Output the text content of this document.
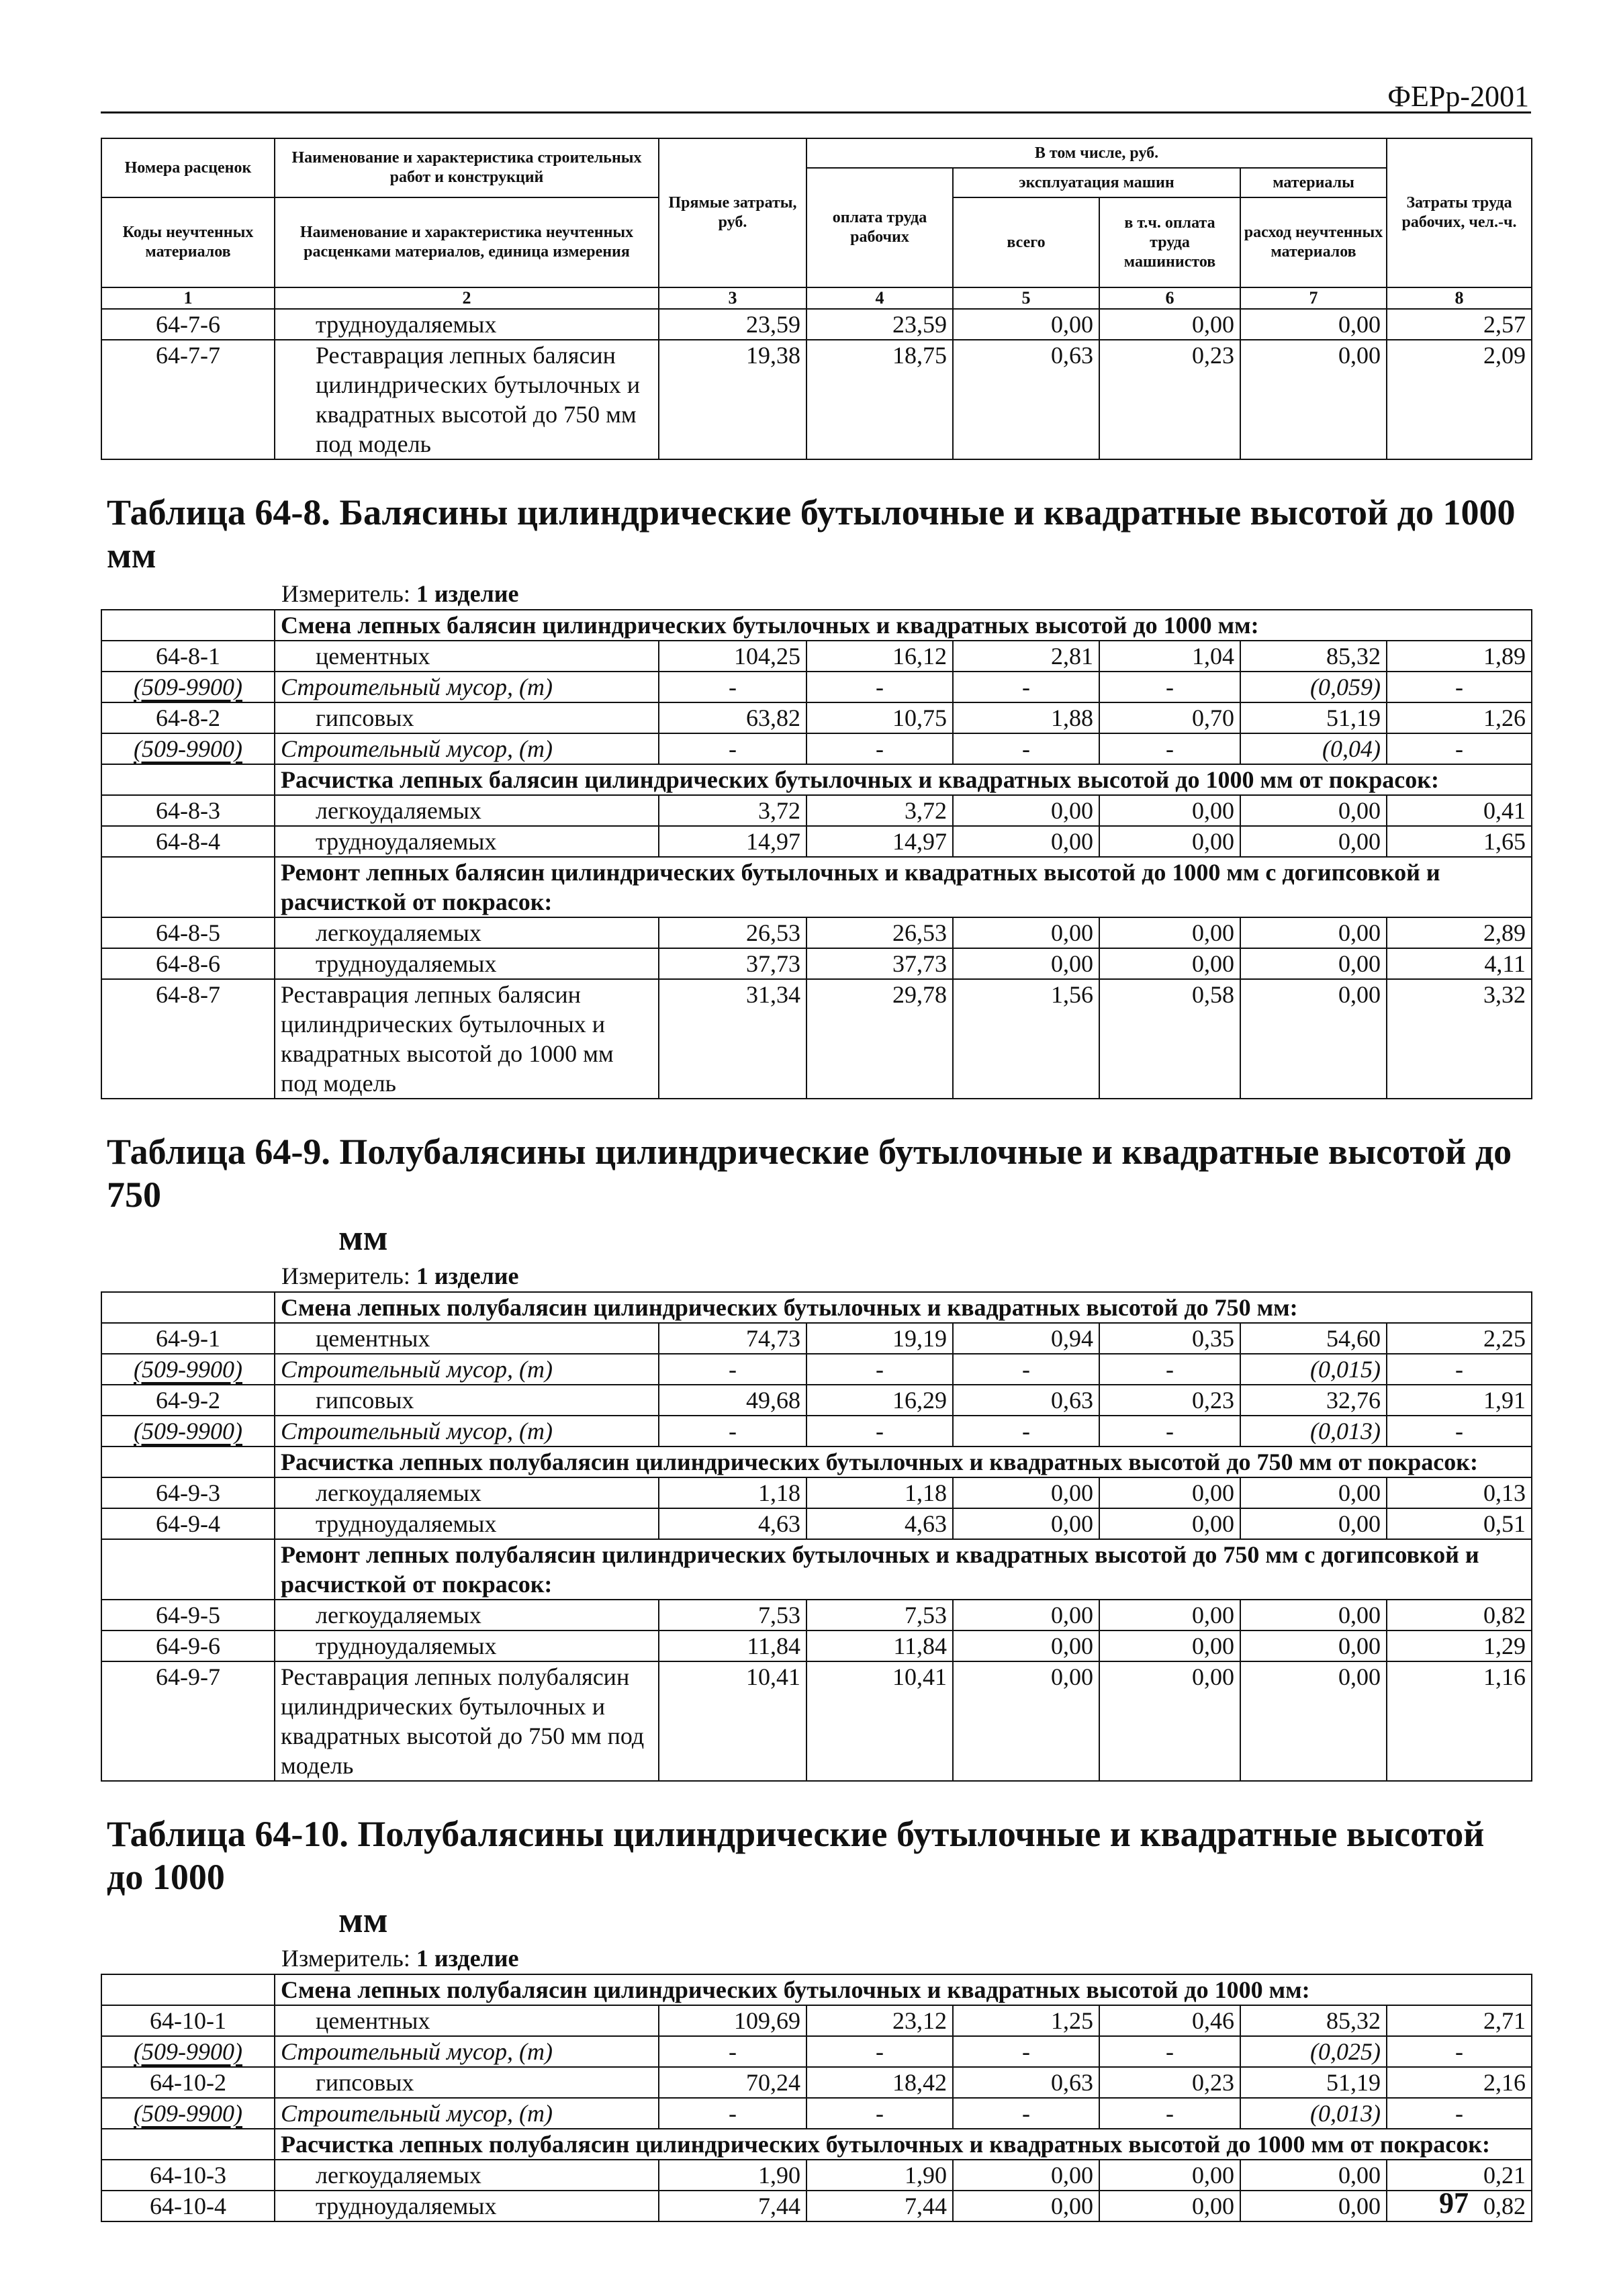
ФЕРр-2001
Номера расценок	Наименование и характеристика строительных работ и конструкций	Прямые затраты, руб.	В том числе, руб.				Затраты труда рабочих, чел.-ч.
			оплата труда рабочих	эксплуатация машин		материалы	
Коды неучтенных материалов	Наименование и характеристика неучтенных расценками материалов, единица измерения			всего	в т.ч. оплата труда машинистов	расход неучтенных материалов	
1	2	3	4	5	6	7	8
64-7-6	трудноудаляемых	23,59	23,59	0,00	0,00	0,00	2,57
64-7-7	Реставрация лепных балясин цилиндрических бутылочных и квадратных высотой до 750 мм под модель	19,38	18,75	0,63	0,23	0,00	2,09

Таблица 64-8. Балясины цилиндрические бутылочные и квадратные высотой до 1000 мм
Измеритель: 1 изделие							

	Смена лепных балясин цилиндрических бутылочных и квадратных высотой до 1000 мм:						
64-8-1	цементных	104,25	16,12	2,81	1,04	85,32	1,89
(509-9900)	Строительный мусор, (т)	-	-	-	-	(0,059)	-
64-8-2	гипсовых	63,82	10,75	1,88	0,70	51,19	1,26
(509-9900)	Строительный мусор, (т)	-	-	-	-	(0,04)	-
	Расчистка лепных балясин цилиндрических бутылочных и квадратных высотой до 1000 мм от покрасок:						
64-8-3	легкоудаляемых	3,72	3,72	0,00	0,00	0,00	0,41
64-8-4	трудноудаляемых	14,97	14,97	0,00	0,00	0,00	1,65
	Ремонт лепных балясин цилиндрических бутылочных и квадратных высотой до 1000 мм с догипсовкой и расчисткой от покрасок:						
64-8-5	легкоудаляемых	26,53	26,53	0,00	0,00	0,00	2,89
64-8-6	трудноудаляемых	37,73	37,73	0,00	0,00	0,00	4,11
64-8-7	Реставрация лепных балясин цилиндрических бутылочных и квадратных высотой до 1000 мм под модель	31,34	29,78	1,56	0,58	0,00	3,32

Таблица 64-9. Полубалясины цилиндрические бутылочные и квадратные высотой до 750
мм
Измеритель: 1 изделие							

	Смена лепных полубалясин цилиндрических бутылочных и квадратных высотой до 750 мм:						
64-9-1	цементных	74,73	19,19	0,94	0,35	54,60	2,25
(509-9900)	Строительный мусор, (т)	-	-	-	-	(0,015)	-
64-9-2	гипсовых	49,68	16,29	0,63	0,23	32,76	1,91
(509-9900)	Строительный мусор, (т)	-	-	-	-	(0,013)	-
	Расчистка лепных полубалясин цилиндрических бутылочных и квадратных высотой до 750 мм от покрасок:						
64-9-3	легкоудаляемых	1,18	1,18	0,00	0,00	0,00	0,13
64-9-4	трудноудаляемых	4,63	4,63	0,00	0,00	0,00	0,51
	Ремонт лепных полубалясин цилиндрических бутылочных и квадратных высотой до 750 мм с догипсовкой и расчисткой от покрасок:						
64-9-5	легкоудаляемых	7,53	7,53	0,00	0,00	0,00	0,82
64-9-6	трудноудаляемых	11,84	11,84	0,00	0,00	0,00	1,29
64-9-7	Реставрация лепных полубалясин цилиндрических бутылочных и квадратных высотой до 750 мм под модель	10,41	10,41	0,00	0,00	0,00	1,16

Таблица 64-10. Полубалясины цилиндрические бутылочные и квадратные высотой до 1000
мм
Измеритель: 1 изделие							

	Смена лепных полубалясин цилиндрических бутылочных и квадратных высотой до 1000 мм:						
64-10-1	цементных	109,69	23,12	1,25	0,46	85,32	2,71
(509-9900)	Строительный мусор, (т)	-	-	-	-	(0,025)	-
64-10-2	гипсовых	70,24	18,42	0,63	0,23	51,19	2,16
(509-9900)	Строительный мусор, (т)	-	-	-	-	(0,013)	-
	Расчистка лепных полубалясин цилиндрических бутылочных и квадратных высотой до 1000 мм от покрасок:						
64-10-3	легкоудаляемых	1,90	1,90	0,00	0,00	0,00	0,21
64-10-4	трудноудаляемых	7,44	7,44	0,00	0,00	0,00	0,82
97
